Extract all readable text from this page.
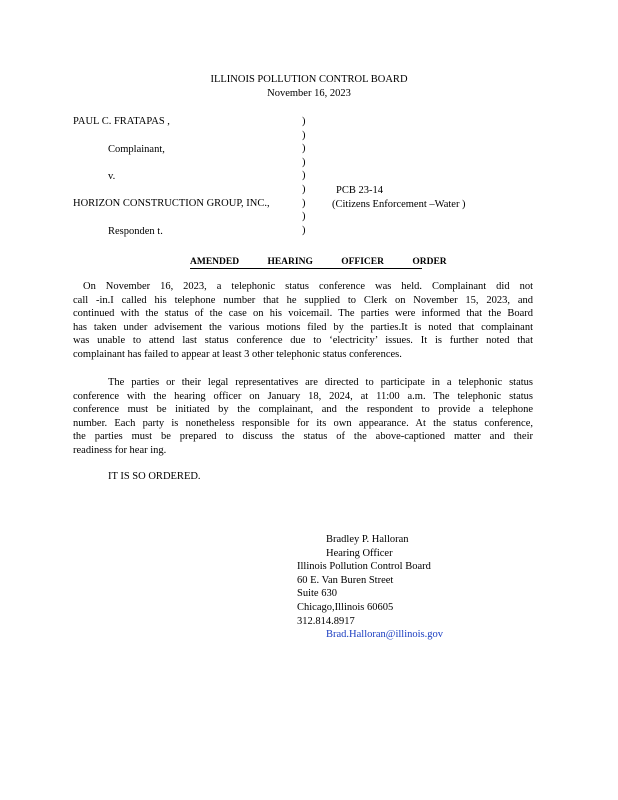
ILLINOIS POLLUTION CONTROL BOARD
November 16, 2023
PAUL C. FRATAPAS ,
Complainant,
v.
HORIZON CONSTRUCTION GROUP, INC.,
Responden t.
)
)
)
)
)
)
)
)
)
PCB 23-14
(Citizens Enforcement –Water )
AMENDED HEARING OFFICER ORDER
On November 16, 2023, a telephonic status conference was held. Complainant did not
call -in.I called his telephone number that he supplied to Clerk on November 15, 2023, and
continued with the status of the case on his voicemail. The parties were informed that the Board
has taken under advisement the various motions filed by the parties.It is noted that complainant
was unable to attend last status conference due to ‘electricity’ issues. It is further noted that
complainant has failed to appear at least 3 other telephonic status conferences.
The parties or their legal representatives are directed to participate in a telephonic status
conference with the hearing officer on January 18, 2024, at 11:00 a.m. The telephonic status
conference must be initiated by the complainant, and the respondent to provide a telephone
number. Each party is nonetheless responsible for its own appearance. At the status conference,
the parties must be prepared to discuss the status of the above-captioned matter and their
readiness for hear ing.
IT IS SO ORDERED.
Bradley P. Halloran
Hearing Officer
Illinois Pollution Control Board
60 E. Van Buren Street
Suite 630
Chicago,Illinois 60605
312.814.8917
Brad.Halloran@illinois.gov
